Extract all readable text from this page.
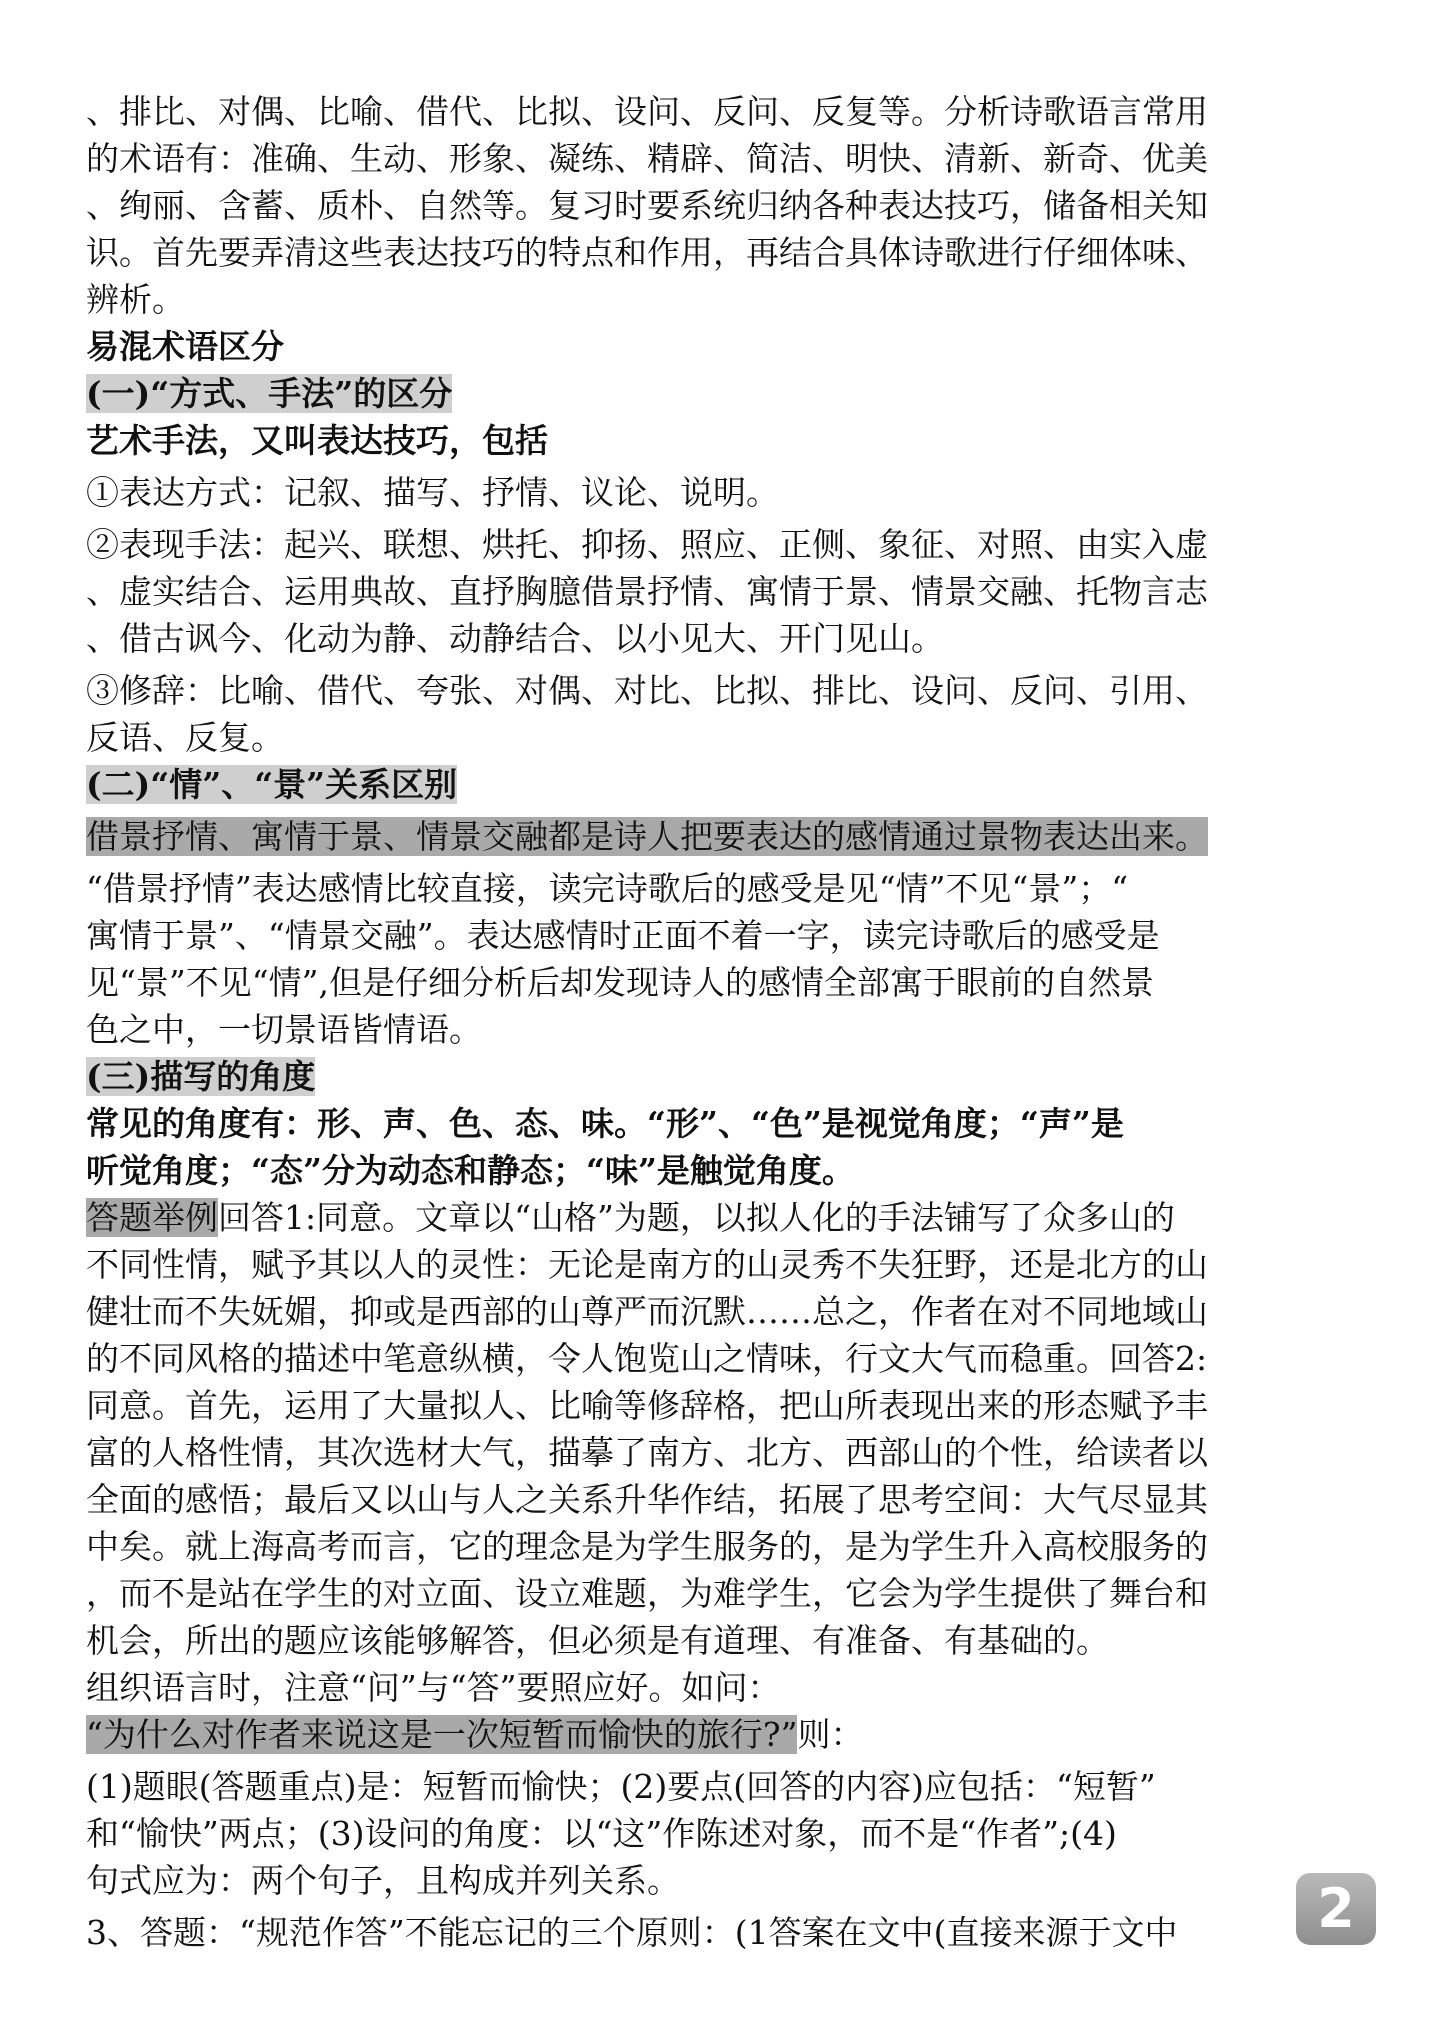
、排比、对偶、比喻、借代、比拟、设问、反问、反复等。分析诗歌语言常用
的术语有：准确、生动、形象、凝练、精辟、简洁、明快、清新、新奇、优美
、绚丽、含蓄、质朴、自然等。复习时要系统归纳各种表达技巧，储备相关知
识。首先要弄清这些表达技巧的特点和作用，再结合具体诗歌进行仔细体味、
辨析。
易混术语区分
(一)“方式、手法”的区分
艺术手法，又叫表达技巧，包括
①表达方式：记叙、描写、抒情、议论、说明。
②表现手法：起兴、联想、烘托、抑扬、照应、正侧、象征、对照、由实入虚
、虚实结合、运用典故、直抒胸臆借景抒情、寓情于景、情景交融、托物言志
、借古讽今、化动为静、动静结合、以小见大、开门见山。
③修辞：比喻、借代、夸张、对偶、对比、比拟、排比、设问、反问、引用、
反语、反复。
(二)“情”、“景”关系区别
借景抒情、寓情于景、情景交融都是诗人把要表达的感情通过景物表达出来。
“借景抒情”表达感情比较直接，读完诗歌后的感受是见“情”不见“景”；“
寓情于景”、“情景交融”。表达感情时正面不着一字，读完诗歌后的感受是
见“景”不见“情”,但是仔细分析后却发现诗人的感情全部寓于眼前的自然景
色之中，一切景语皆情语。
(三)描写的角度
常见的角度有：形、声、色、态、味。“形”、“色”是视觉角度；“声”是
听觉角度；“态”分为动态和静态；“味”是触觉角度。
答题举例回答1:同意。文章以“山格”为题，以拟人化的手法铺写了众多山的
不同性情，赋予其以人的灵性：无论是南方的山灵秀不失狂野，还是北方的山
健壮而不失妩媚，抑或是西部的山尊严而沉默……总之，作者在对不同地域山
的不同风格的描述中笔意纵横，令人饱览山之情味，行文大气而稳重。回答2:
同意。首先，运用了大量拟人、比喻等修辞格，把山所表现出来的形态赋予丰
富的人格性情，其次选材大气，描摹了南方、北方、西部山的个性，给读者以
全面的感悟；最后又以山与人之关系升华作结，拓展了思考空间：大气尽显其
中矣。就上海高考而言，它的理念是为学生服务的，是为学生升入高校服务的
，而不是站在学生的对立面、设立难题，为难学生，它会为学生提供了舞台和
机会，所出的题应该能够解答，但必须是有道理、有准备、有基础的。
组织语言时，注意“问”与“答”要照应好。如问：
“为什么对作者来说这是一次短暂而愉快的旅行?”则：
(1)题眼(答题重点)是：短暂而愉快；(2)要点(回答的内容)应包括：“短暂”
和“愉快”两点；(3)设问的角度：以“这”作陈述对象，而不是“作者”;(4)
句式应为：两个句子，且构成并列关系。
3、答题：“规范作答”不能忘记的三个原则：(1答案在文中(直接来源于文中	2
